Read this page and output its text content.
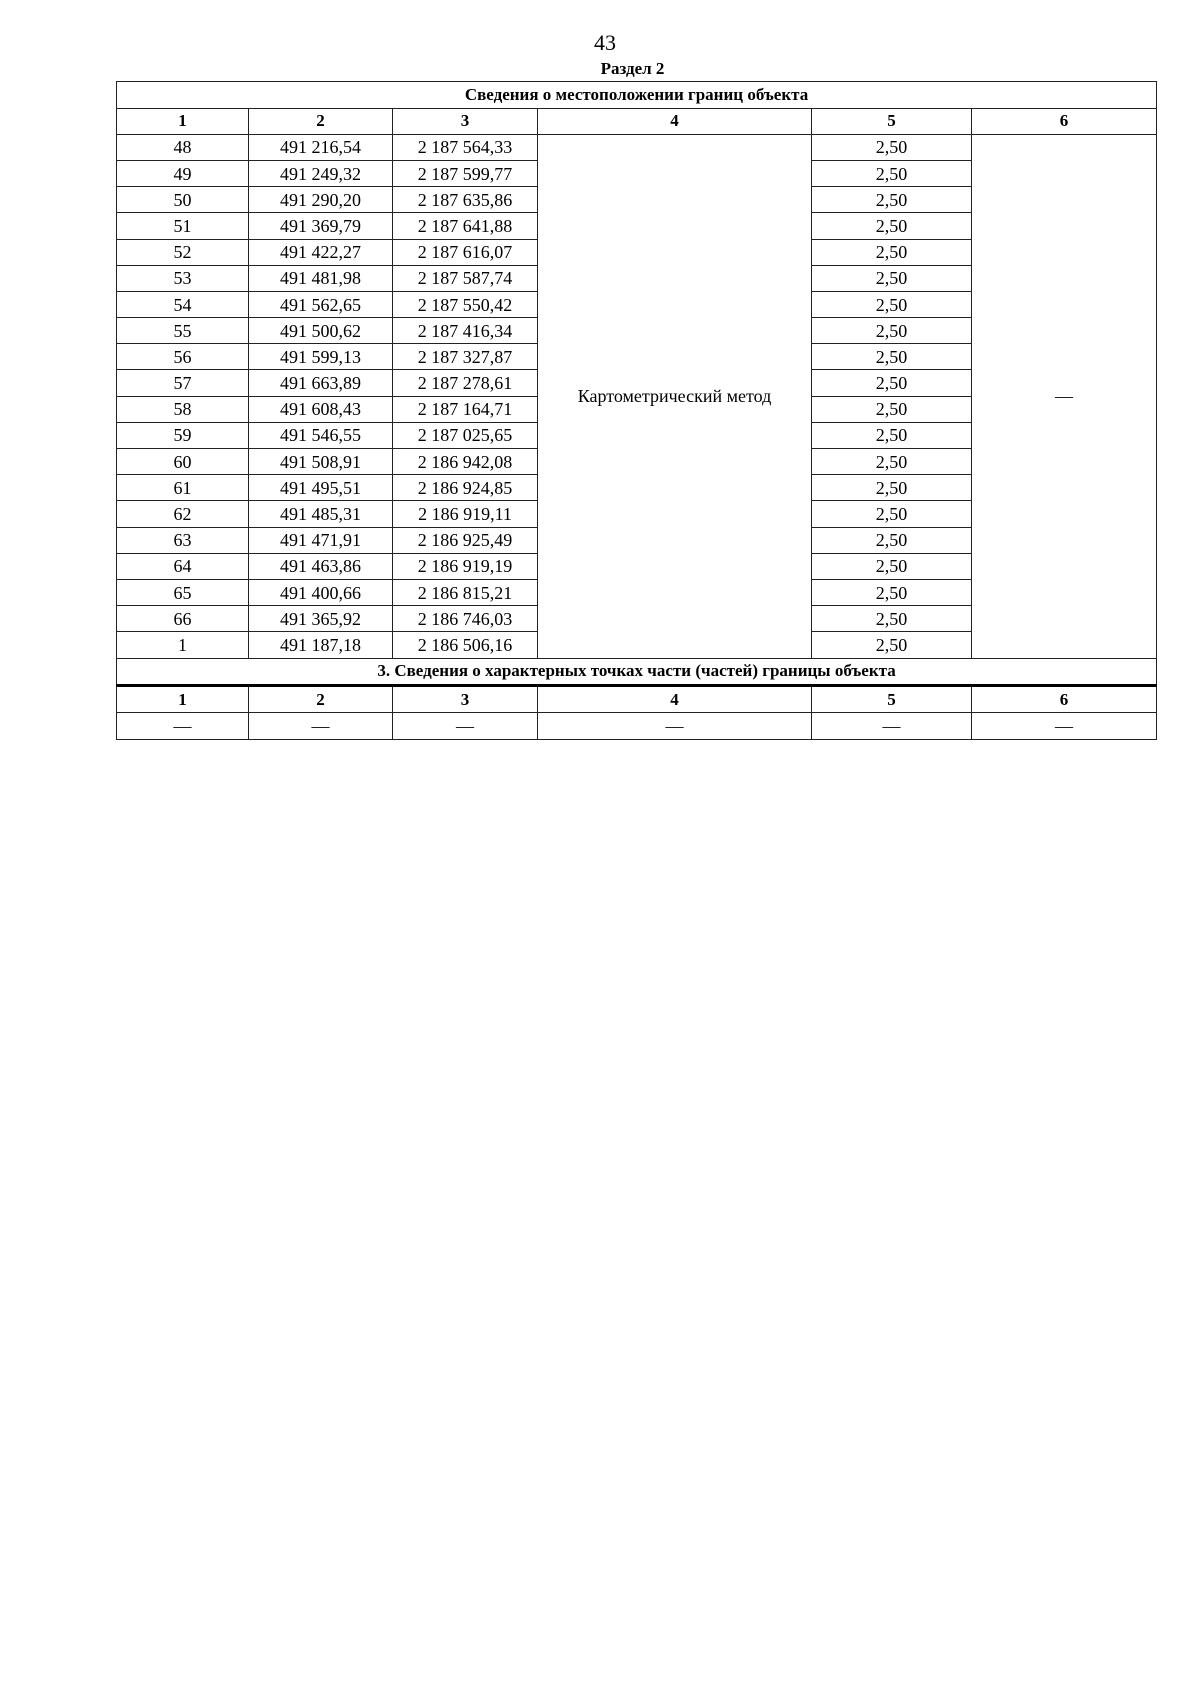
43
Раздел 2
Сведения о местоположении границ объекта					
1	2	3	4	5	6
48	491 216,54	2 187 564,33	Картометрический метод	2,50	—
49	491 249,32	2 187 599,77		2,50	
50	491 290,20	2 187 635,86		2,50	
51	491 369,79	2 187 641,88		2,50	
52	491 422,27	2 187 616,07		2,50	
53	491 481,98	2 187 587,74		2,50	
54	491 562,65	2 187 550,42		2,50	
55	491 500,62	2 187 416,34		2,50	
56	491 599,13	2 187 327,87		2,50	
57	491 663,89	2 187 278,61		2,50	
58	491 608,43	2 187 164,71		2,50	
59	491 546,55	2 187 025,65		2,50	
60	491 508,91	2 186 942,08		2,50	
61	491 495,51	2 186 924,85		2,50	
62	491 485,31	2 186 919,11		2,50	
63	491 471,91	2 186 925,49		2,50	
64	491 463,86	2 186 919,19		2,50	
65	491 400,66	2 186 815,21		2,50	
66	491 365,92	2 186 746,03		2,50	
1	491 187,18	2 186 506,16		2,50	
3. Сведения о характерных точках части (частей) границы объекта					
1	2	3	4	5	6
—	—	—	—	—	—
